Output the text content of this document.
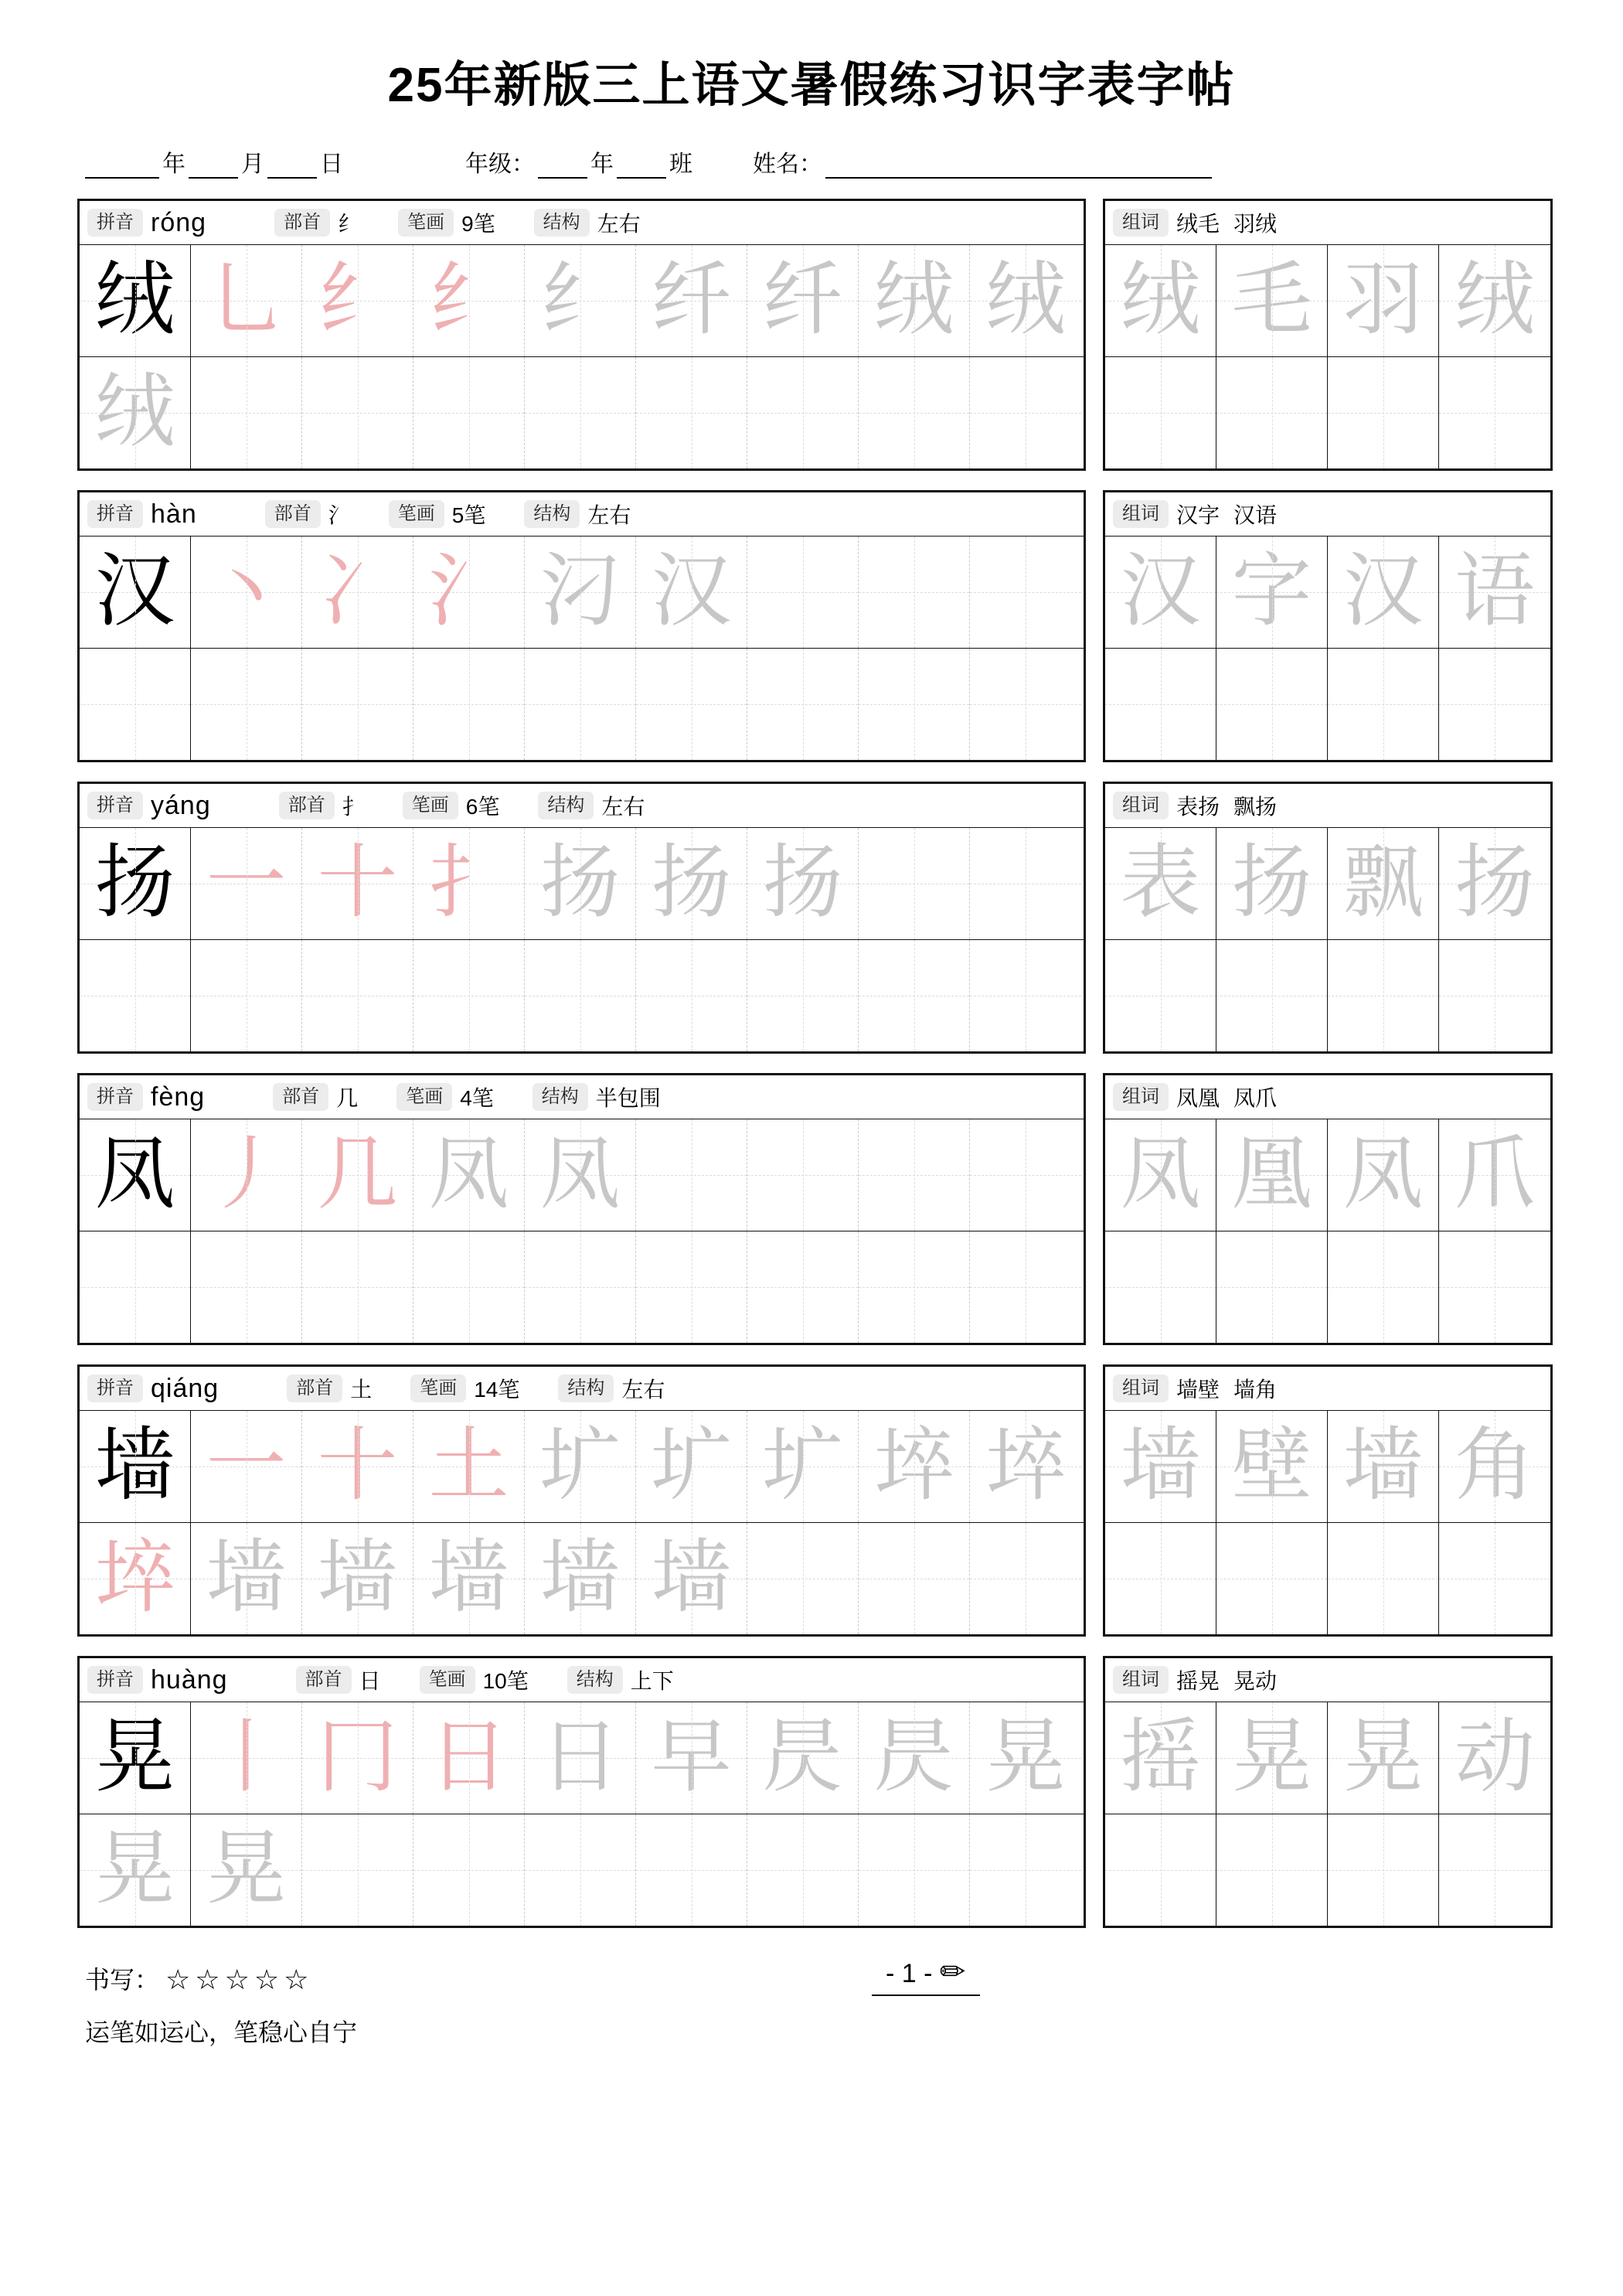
25年新版三上语文暑假练习识字表字帖
年 月 日	年级： 年 班	姓名：
拼音 róng	部首 纟	笔画 9笔	结构 左右
绒 乚 纟 纟 纟 纤 纤 绒 绒
绒
组词 绒毛 羽绒
绒 毛 羽 绒
拼音 hàn	部首 氵	笔画 5笔	结构 左右
汉 丶 冫 氵 汈 汉
组词 汉字 汉语
汉 字 汉 语
拼音 yáng	部首 扌	笔画 6笔	结构 左右
扬 一 十 扌 扬 扬 扬
组词 表扬 飘扬
表 扬 飘 扬
拼音 fèng	部首 几	笔画 4笔	结构 半包围
凤 丿 几 凤 凤
组词 凤凰 凤爪
凤 凰 凤 爪
拼音 qiáng	部首 土	笔画 14笔	结构 左右
墙 一 十 土 圹 圹 圹 埣 埣
埣 墙 墙 墙 墙 墙
组词 墙壁 墙角
墙 壁 墙 角
拼音 huàng	部首 日	笔画 10笔	结构 上下
晃 丨 冂 日 日 早 昃 昃 晃
晃 晃
组词 摇晃 晃动
摇 晃 晃 动
书写： ☆☆☆☆☆	- 1 - ✏
运笔如运心，笔稳心自宁
